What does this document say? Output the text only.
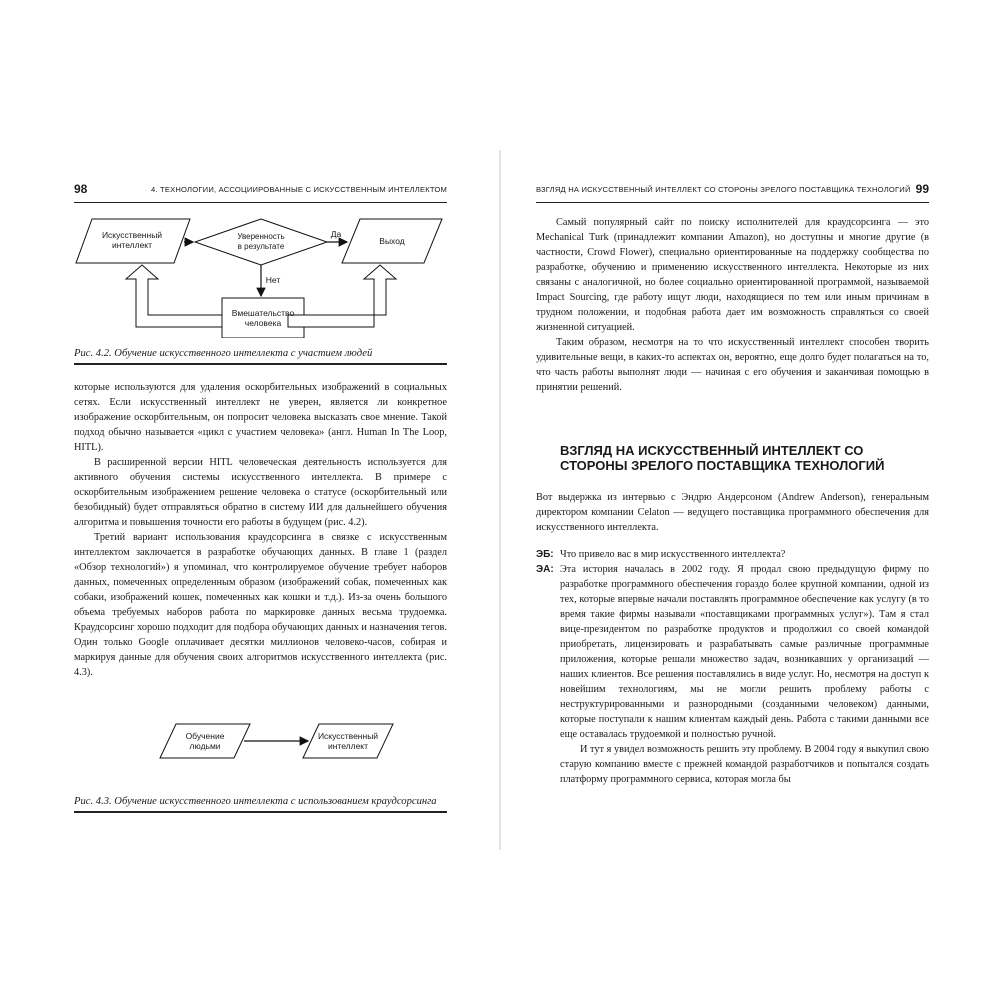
98	4. ТЕХНОЛОГИИ, АССОЦИИРОВАННЫЕ С ИСКУССТВЕННЫМ ИНТЕЛЛЕКТОМ
Искусственный
интеллект
Уверенность
в результате
Да
Выход
Нет
Вмешательство
человека
Рис. 4.2. Обучение искусственного интеллекта с участием людей

которые используются для удаления оскорбительных изображений в социальных сетях. Если искусственный интеллект не уверен, является ли конкретное изображение оскорбительным, он попросит человека высказать свое мнение. Такой подход обычно называется «цикл с участием человека» (англ. Human In The Loop, HITL).

В расширенной версии HITL человеческая деятельность используется для активного обучения системы искусственного интеллекта. В примере с оскорбительным изображением решение человека о статусе (оскорбительный или безобидный) будет отправляться обратно в систему ИИ для дальнейшего обучения алгоритма и повышения точности его работы в будущем (рис. 4.2).

Третий вариант использования краудсорсинга в связке с искусственным интеллектом заключается в разработке обучающих данных. В главе 1 (раздел «Обзор технологий») я упоминал, что контролируемое обучение требует наборов данных, помеченных определенным образом (изображений собак, помеченных как собаки, изображений кошек, помеченных как кошки и т.д.). Из-за очень большого объема требуемых наборов работа по маркировке данных весьма трудоемка. Краудсорсинг хорошо подходит для подбора обучающих данных и назначения тегов. Один только Google оплачивает десятки миллионов человеко-часов, собирая и маркируя данные для обучения своих алгоритмов искусственного интеллекта (рис. 4.3).

Обучение
людьми
Искусственный
интеллект
Рис. 4.3. Обучение искусственного интеллекта с использованием краудсорсинга
ВЗГЛЯД НА ИСКУССТВЕННЫЙ ИНТЕЛЛЕКТ СО СТОРОНЫ ЗРЕЛОГО ПОСТАВЩИКА ТЕХНОЛОГИЙ 99

Самый популярный сайт по поиску исполнителей для краудсорсинга — это Mechanical Turk (принадлежит компании Amazon), но доступны и многие другие (в частности, Crowd Flower), специально ориентированные на поддержку сообщества по разработке, обучению и применению искусственного интеллекта. Некоторые из них связаны с аналогичной, но более социально ориентированной программой, называемой Impact Sourcing, где работу ищут люди, находящиеся по тем или иным причинам в трудном положении, и подобная работа дает им возможность справляться со своей жизненной ситуацией.

Таким образом, несмотря на то что искусственный интеллект способен творить удивительные вещи, в каких-то аспектах он, вероятно, еще долго будет полагаться на то, что часть работы выполнят люди — начиная с его обучения и заканчивая помощью в принятии решений.

ВЗГЛЯД НА ИСКУССТВЕННЫЙ ИНТЕЛЛЕКТ СО СТОРОНЫ ЗРЕЛОГО ПОСТАВЩИКА ТЕХНОЛОГИЙ

Вот выдержка из интервью с Эндрю Андерсоном (Andrew Anderson), генеральным директором компании Celaton — ведущего поставщика программного обеспечения для искусственного интеллекта.

ЭБ: Что привело вас в мир искусственного интеллекта?

ЭА: Эта история началась в 2002 году. Я продал свою предыдущую фирму по разработке программного обеспечения гораздо более крупной компании, одной из тех, которые впервые начали поставлять программное обеспечение как услугу (в то время такие фирмы называли «поставщиками программных услуг»). Там я стал вице-президентом по разработке продуктов и продолжил со своей командой приобретать, лицензировать и разрабатывать самые различные программные приложения, которые решали множество задач, возникавших у организаций — наших клиентов. Все решения поставлялись в виде услуг. Но, несмотря на доступ к новейшим технологиям, мы не могли решить проблему работы с неструктурированными и разнородными (созданными человеком) данными, которые поступали к нашим клиентам каждый день. Работа с такими данными все еще оставалась трудоемкой и полностью ручной.

И тут я увидел возможность решить эту проблему. В 2004 году я выкупил свою старую компанию вместе с прежней командой разработчиков и попытался создать платформу программного сервиса, которая могла бы
